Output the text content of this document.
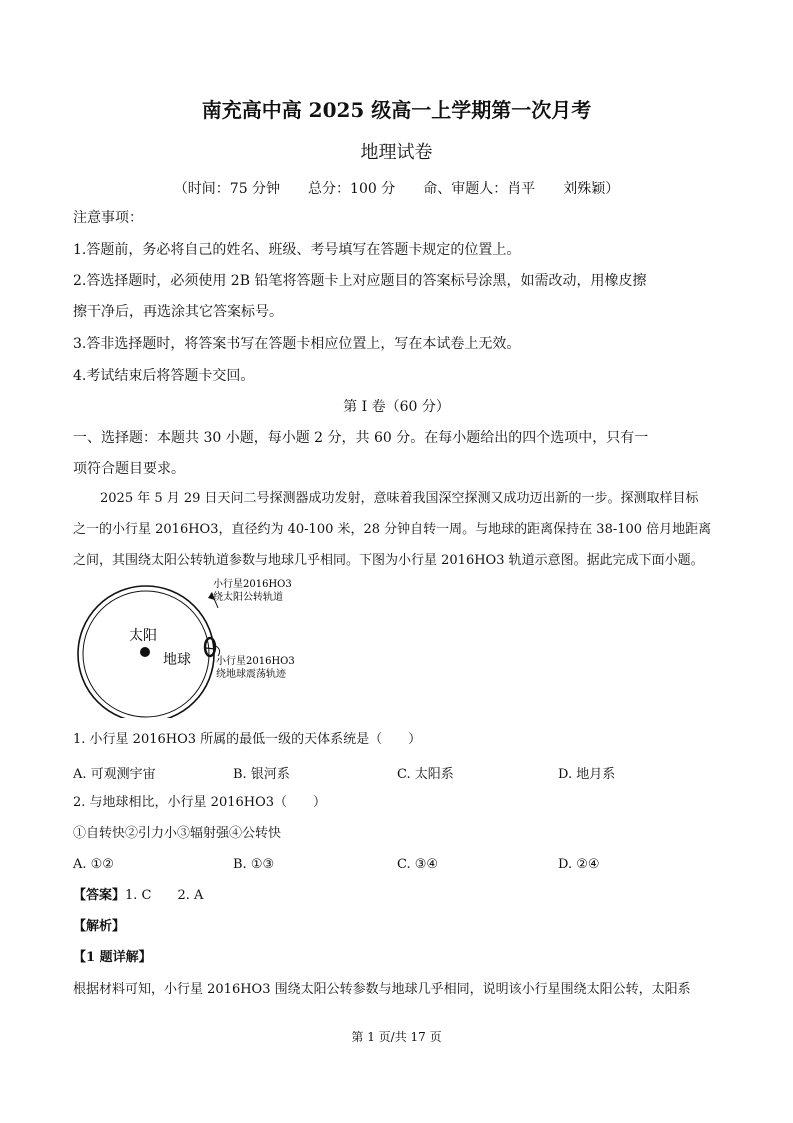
南充高中高 2025 级高一上学期第一次月考
地理试卷
（时间：75 分钟　　总分：100 分　　命、审题人：肖平　　刘殊颖）
注意事项：
1.答题前，务必将自己的姓名、班级、考号填写在答题卡规定的位置上。
2.答选择题时，必须使用 2B 铅笔将答题卡上对应题目的答案标号涂黑，如需改动，用橡皮擦
擦干净后，再选涂其它答案标号。
3.答非选择题时，将答案书写在答题卡相应位置上，写在本试卷上无效。
4.考试结束后将答题卡交回。
第 I 卷（60 分）
一、选择题：本题共 30 小题，每小题 2 分，共 60 分。在每小题给出的四个选项中，只有一
项符合题目要求。
2025 年 5 月 29 日天问二号探测器成功发射，意味着我国深空探测又成功迈出新的一步。探测取样目标
之一的小行星 2016HO3，直径约为 40-100 米，28 分钟自转一周。与地球的距离保持在 38-100 倍月地距离
之间，其围绕太阳公转轨道参数与地球几乎相同。下图为小行星 2016HO3 轨道示意图。据此完成下面小题。
太阳
地球
小行星2016HO3
绕太阳公转轨道
小行星2016HO3
绕地球震荡轨迹
1. 小行星 2016HO3 所属的最低一级的天体系统是（　　）
A. 可观测宇宙	B. 银河系	C. 太阳系	D. 地月系
2. 与地球相比，小行星 2016HO3（　　）
①自转快②引力小③辐射强④公转快
A. ①②	B. ①③	C. ③④	D. ②④
【答案】1. C　　2. A
【解析】
【1 题详解】
根据材料可知，小行星 2016HO3 围绕太阳公转参数与地球几乎相同，说明该小行星围绕太阳公转，太阳系
第 1 页/共 17 页
